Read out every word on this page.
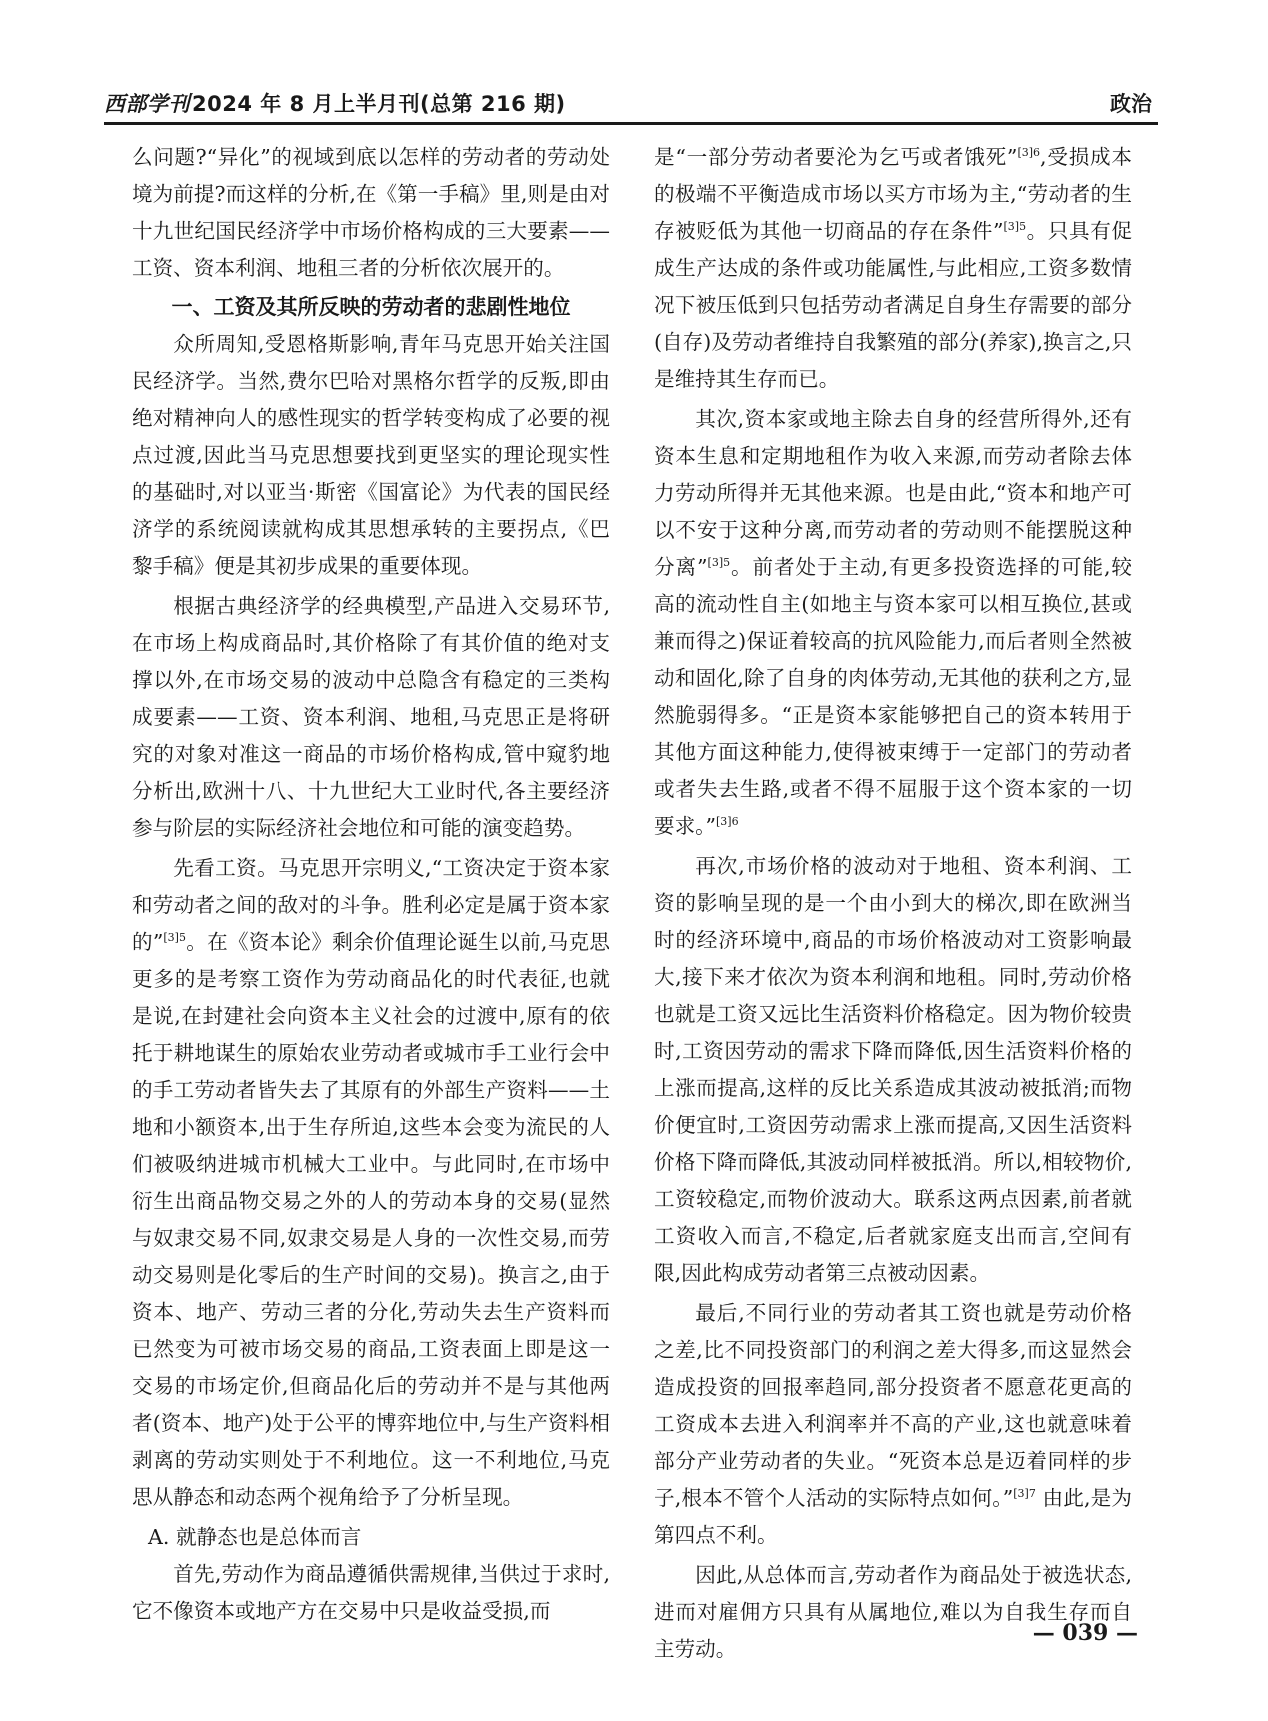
西部学刊2024 年 8 月上半月刊(总第 216 期)	政治

么问题?“异化”的视域到底以怎样的劳动者的劳动处境为前提?而这样的分析,在《第一手稿》里,则是由对十九世纪国民经济学中市场价格构成的三大要素——工资、资本利润、地租三者的分析依次展开的。

一、工资及其所反映的劳动者的悲剧性地位

众所周知,受恩格斯影响,青年马克思开始关注国民经济学。当然,费尔巴哈对黑格尔哲学的反叛,即由绝对精神向人的感性现实的哲学转变构成了必要的视点过渡,因此当马克思想要找到更坚实的理论现实性的基础时,对以亚当·斯密《国富论》为代表的国民经济学的系统阅读就构成其思想承转的主要拐点,《巴黎手稿》便是其初步成果的重要体现。

根据古典经济学的经典模型,产品进入交易环节,在市场上构成商品时,其价格除了有其价值的绝对支撑以外,在市场交易的波动中总隐含有稳定的三类构成要素——工资、资本利润、地租,马克思正是将研究的对象对准这一商品的市场价格构成,管中窥豹地分析出,欧洲十八、十九世纪大工业时代,各主要经济参与阶层的实际经济社会地位和可能的演变趋势。

先看工资。马克思开宗明义,“工资决定于资本家和劳动者之间的敌对的斗争。胜利必定是属于资本家的”$^{[3]5}$。在《资本论》剩余价值理论诞生以前,马克思更多的是考察工资作为劳动商品化的时代表征,也就是说,在封建社会向资本主义社会的过渡中,原有的依托于耕地谋生的原始农业劳动者或城市手工业行会中的手工劳动者皆失去了其原有的外部生产资料——土地和小额资本,出于生存所迫,这些本会变为流民的人们被吸纳进城市机械大工业中。与此同时,在市场中衍生出商品物交易之外的人的劳动本身的交易(显然与奴隶交易不同,奴隶交易是人身的一次性交易,而劳动交易则是化零后的生产时间的交易)。换言之,由于资本、地产、劳动三者的分化,劳动失去生产资料而已然变为可被市场交易的商品,工资表面上即是这一交易的市场定价,但商品化后的劳动并不是与其他两者(资本、地产)处于公平的博弈地位中,与生产资料相剥离的劳动实则处于不利地位。这一不利地位,马克思从静态和动态两个视角给予了分析呈现。

A. 就静态也是总体而言

首先,劳动作为商品遵循供需规律,当供过于求时,它不像资本或地产方在交易中只是收益受损,而

是“一部分劳动者要沦为乞丐或者饿死”$^{[3]6}$,受损成本的极端不平衡造成市场以买方市场为主,“劳动者的生存被贬低为其他一切商品的存在条件”$^{[3]5}$。只具有促成生产达成的条件或功能属性,与此相应,工资多数情况下被压低到只包括劳动者满足自身生存需要的部分(自存)及劳动者维持自我繁殖的部分(养家),换言之,只是维持其生存而已。

其次,资本家或地主除去自身的经营所得外,还有资本生息和定期地租作为收入来源,而劳动者除去体力劳动所得并无其他来源。也是由此,“资本和地产可以不安于这种分离,而劳动者的劳动则不能摆脱这种分离”$^{[3]5}$。前者处于主动,有更多投资选择的可能,较高的流动性自主(如地主与资本家可以相互换位,甚或兼而得之)保证着较高的抗风险能力,而后者则全然被动和固化,除了自身的肉体劳动,无其他的获利之方,显然脆弱得多。“正是资本家能够把自己的资本转用于其他方面这种能力,使得被束缚于一定部门的劳动者或者失去生路,或者不得不屈服于这个资本家的一切要求。”$^{[3]6}$

再次,市场价格的波动对于地租、资本利润、工资的影响呈现的是一个由小到大的梯次,即在欧洲当时的经济环境中,商品的市场价格波动对工资影响最大,接下来才依次为资本利润和地租。同时,劳动价格也就是工资又远比生活资料价格稳定。因为物价较贵时,工资因劳动的需求下降而降低,因生活资料价格的上涨而提高,这样的反比关系造成其波动被抵消;而物价便宜时,工资因劳动需求上涨而提高,又因生活资料价格下降而降低,其波动同样被抵消。所以,相较物价,工资较稳定,而物价波动大。联系这两点因素,前者就工资收入而言,不稳定,后者就家庭支出而言,空间有限,因此构成劳动者第三点被动因素。

最后,不同行业的劳动者其工资也就是劳动价格之差,比不同投资部门的利润之差大得多,而这显然会造成投资的回报率趋同,部分投资者不愿意花更高的工资成本去进入利润率并不高的产业,这也就意味着部分产业劳动者的失业。“死资本总是迈着同样的步子,根本不管个人活动的实际特点如何。”$^{[3]7}$ 由此,是为第四点不利。

因此,从总体而言,劳动者作为商品处于被选状态,进而对雇佣方只具有从属地位,难以为自我生存而自主劳动。

— 039 —
